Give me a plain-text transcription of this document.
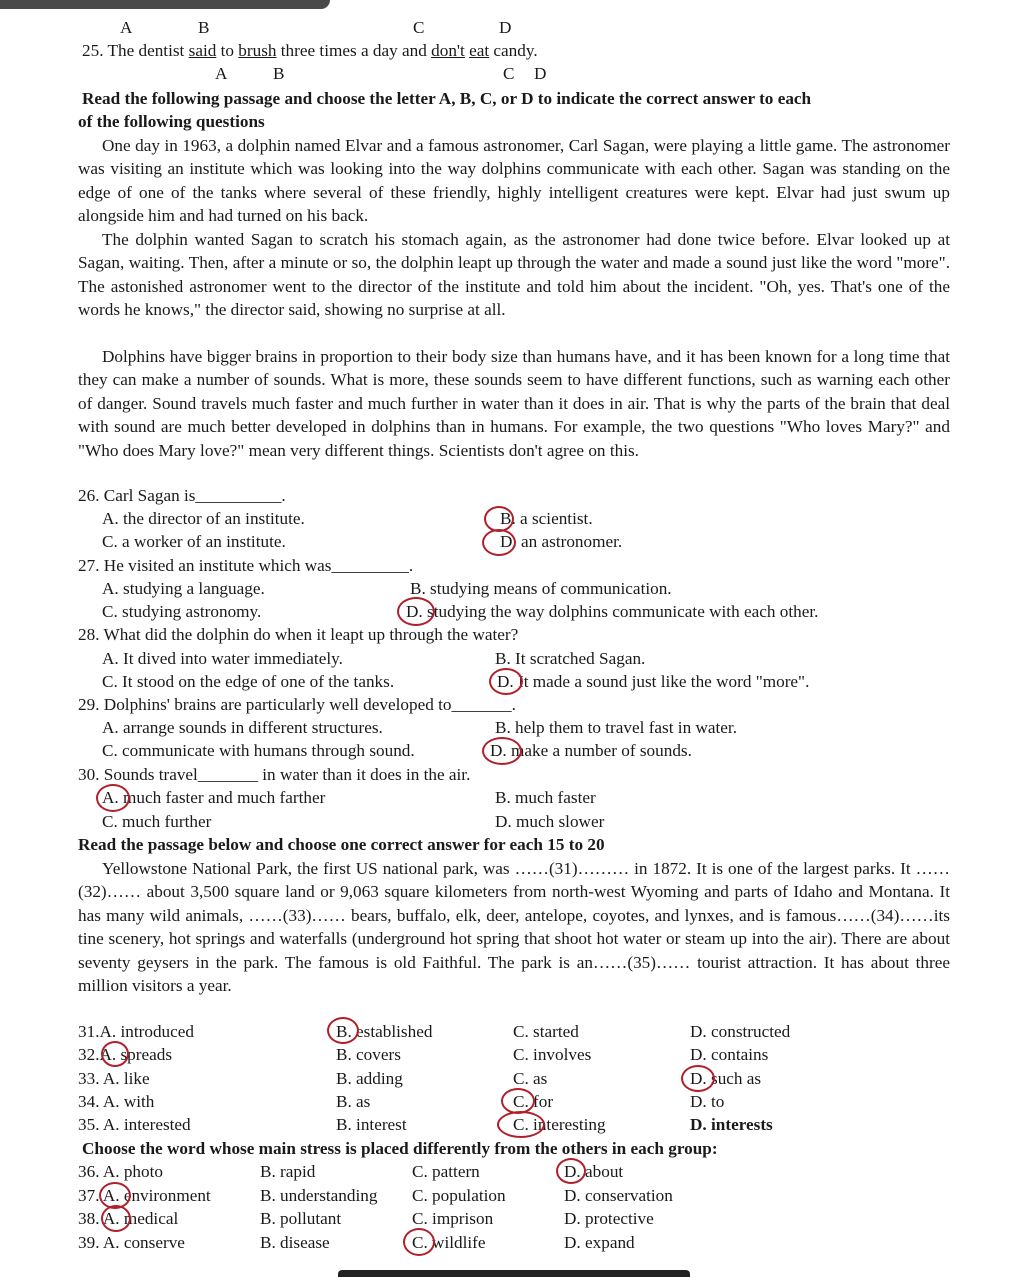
A	B	C	D
25. The dentist said to brush three times a day and don't eat candy.
A	B	C D
Read the following passage and choose the letter A, B, C, or D to indicate the correct answer to each
of the following questions

One day in 1963, a dolphin named Elvar and a famous astronomer, Carl Sagan, were playing a little game. The astronomer was visiting an institute which was looking into the way dolphins communicate with each other. Sagan was standing on the edge of one of the tanks where several of these friendly, highly intelligent creatures were kept. Elvar had just swum up alongside him and had turned on his back.

The dolphin wanted Sagan to scratch his stomach again, as the astronomer had done twice before. Elvar looked up at Sagan, waiting. Then, after a minute or so, the dolphin leapt up through the water and made a sound just like the word "more". The astonished astronomer went to the director of the institute and told him about the incident. "Oh, yes. That's one of the words he knows," the director said, showing no surprise at all.

Dolphins have bigger brains in proportion to their body size than humans have, and it has been known for a long time that they can make a number of sounds. What is more, these sounds seem to have different functions, such as warning each other of danger. Sound travels much faster and much further in water than it does in air. That is why the parts of the brain that deal with sound are much better developed in dolphins than in humans. For example, the two questions "Who loves Mary?" and "Who does Mary love?" mean very different things. Scientists don't agree on this.

26. Carl Sagan is__________.
A. the director of an institute.	B. a scientist.
C. a worker of an institute.	D. an astronomer.
27. He visited an institute which was_________.
A. studying a language.	B. studying means of communication.
C. studying astronomy.	D. studying the way dolphins communicate with each other.
28. What did the dolphin do when it leapt up through the water?
A. It dived into water immediately.	B. It scratched Sagan.
C. It stood on the edge of one of the tanks.	D. It made a sound just like the word "more".
29. Dolphins' brains are particularly well developed to_______.
A. arrange sounds in different structures.	B. help them to travel fast in water.
C. communicate with humans through sound.	D. make a number of sounds.
30. Sounds travel_______ in water than it does in the air.
A. much faster and much farther	B. much faster
C. much further	D. much slower
Read the passage below and choose one correct answer for each 15 to 20

Yellowstone National Park, the first US national park, was ……(31)……… in 1872. It is one of the largest parks. It ……(32)…… about 3,500 square land or 9,063 square kilometers from north-west Wyoming and parts of Idaho and Montana. It has many wild animals, ……(33)…… bears, buffalo, elk, deer, antelope, coyotes, and lynxes, and is famous……(34)……its tine scenery, hot springs and waterfalls (underground hot spring that shoot hot water or steam up into the air). There are about seventy geysers in the park. The famous is old Faithful. The park is an……(35)…… tourist attraction. It has about three million visitors a year.

31.A. introduced	B. established	C. started	D. constructed
32.A. spreads	B. covers	C. involves	D. contains
33. A. like	B. adding	C. as	D. such as
34. A. with	B. as	C. for	D. to
35. A. interested	B. interest	C. interesting	D. interests
Choose the word whose main stress is placed differently from the others in each group:
36. A. photo	B. rapid	C. pattern	D. about
37. A. environment	B. understanding C. population	D. conservation
38. A. medical	B. pollutant	C. imprison	D. protective
39. A. conserve	B. disease	C. wildlife	D. expand
